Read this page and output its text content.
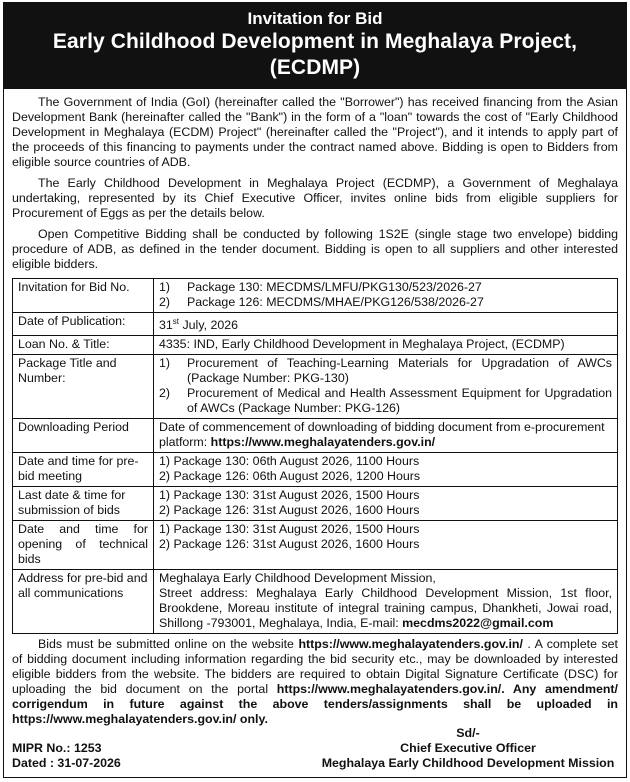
Invitation for Bid
Early Childhood Development in Meghalaya Project, (ECDMP)

The Government of India (GoI) (hereinafter called the "Borrower") has received financing from the Asian Development Bank (hereinafter called the "Bank") in the form of a "loan" towards the cost of "Early Childhood Development in Meghalaya (ECDM) Project" (hereinafter called the "Project"), and it intends to apply part of the proceeds of this financing to payments under the contract named above. Bidding is open to Bidders from eligible source countries of ADB.

The Early Childhood Development in Meghalaya Project (ECDMP), a Government of Meghalaya undertaking, represented by its Chief Executive Officer, invites online bids from eligible suppliers for Procurement of Eggs as per the details below.

Open Competitive Bidding shall be conducted by following 1S2E (single stage two envelope) bidding procedure of ADB, as defined in the tender document. Bidding is open to all suppliers and other interested eligible bidders.

Invitation for Bid No.	1) Package 130: MECDMS/LMFU/PKG130/523/2026-27
2) Package 126: MECDMS/MHAE/PKG126/538/2026-27

Date of Publication:	31st July, 2026
Loan No. & Title:	4335: IND, Early Childhood Development in Meghalaya Project, (ECDMP)
Package Title and Number:	1) Procurement of Teaching-Learning Materials for Upgradation of AWCs (Package Number: PKG-130)
2) Procurement of Medical and Health Assessment Equipment for Upgradation of AWCs (Package Number: PKG-126)

Downloading Period	Date of commencement of downloading of bidding document from e-procurement platform: https://www.meghalayatenders.gov.in/
Date and time for pre-bid meeting	1) Package 130: 06th August 2026, 1100 Hours
2) Package 126: 06th August 2026, 1200 Hours

Last date & time for submission of bids	1) Package 130: 31st August 2026, 1500 Hours
2) Package 126: 31st August 2026, 1600 Hours

Date and time for opening of technical bids	1) Package 130: 31st August 2026, 1500 Hours
2) Package 126: 31st August 2026, 1600 Hours

Address for pre-bid and all communications	Meghalaya Early Childhood Development Mission,
Street address: Meghalaya Early Childhood Development Mission, 1st floor, Brookdene, Moreau institute of integral training campus, Dhankheti, Jowai road, Shillong -793001, Meghalaya, India, E-mail: mecdms2022@gmail.com

Bids must be submitted online on the website https://www.meghalayatenders.gov.in/ . A complete set of bidding document including information regarding the bid security etc., may be downloaded by interested eligible bidders from the website. The bidders are required to obtain Digital Signature Certificate (DSC) for uploading the bid document on the portal https://www.meghalayatenders.gov.in/. Any amendment/ corrigendum in future against the above tenders/assignments shall be uploaded in https://www.meghalayatenders.gov.in/ only.

MIPR No.: 1253
Dated : 31-07-2026
Sd/-
Chief Executive Officer
Meghalaya Early Childhood Development Mission
